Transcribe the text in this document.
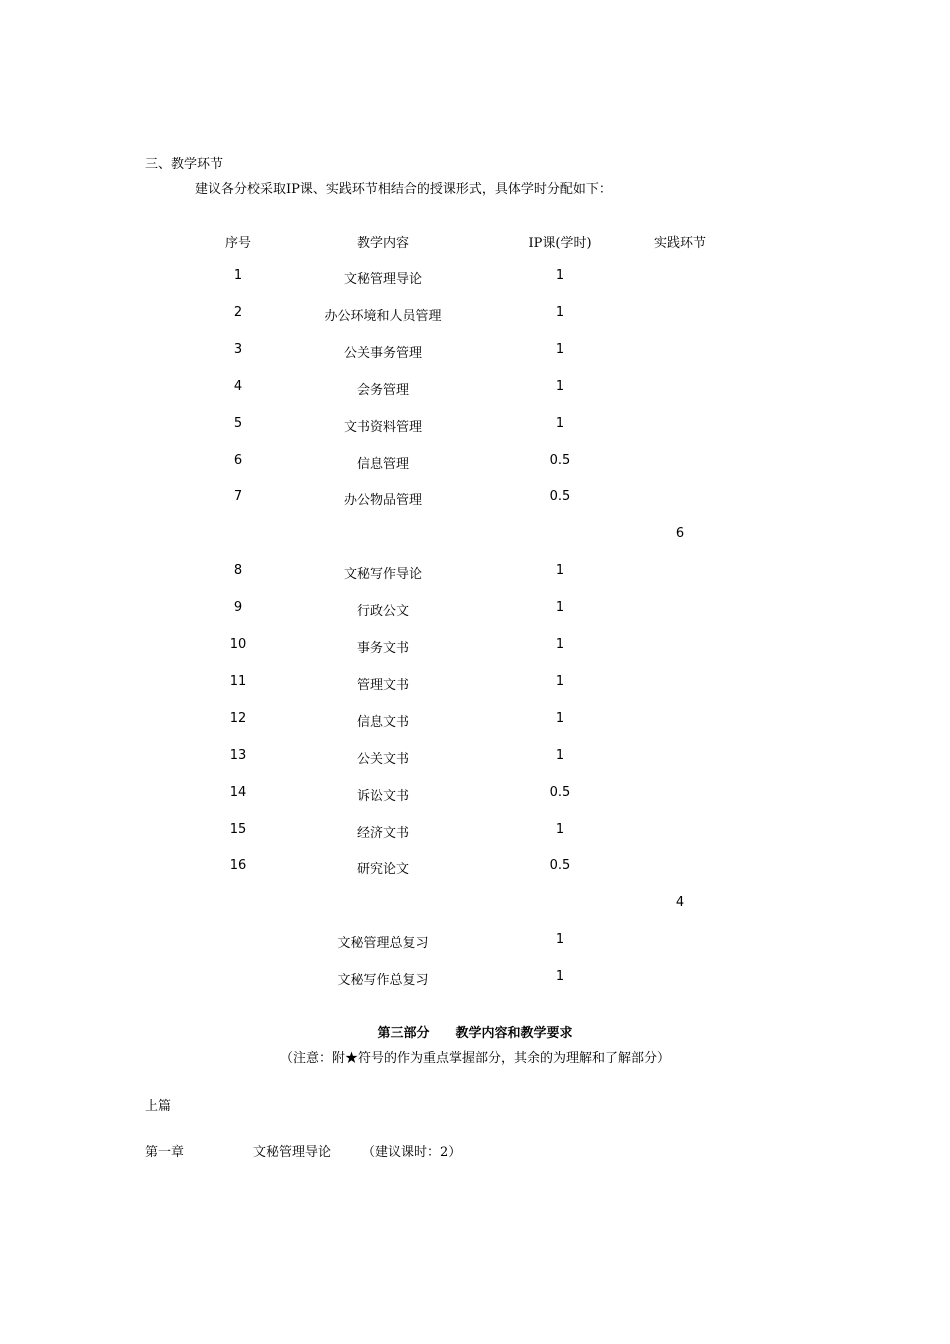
三、教学环节
建议各分校采取IP课、实践环节相结合的授课形式，具体学时分配如下：
序号	教学内容	IP课(学时)	实践环节
1	文秘管理导论	1
2	办公环境和人员管理	1
3	公关事务管理	1
4	会务管理	1
5	文书资料管理	1
6	信息管理	0.5
7	办公物品管理	0.5
6
8	文秘写作导论	1
9	行政公文	1
10	事务文书	1
11	管理文书	1
12	信息文书	1
13	公关文书	1
14	诉讼文书	0.5
15	经济文书	1
16	研究论文	0.5
4
文秘管理总复习	1
文秘写作总复习	1
第三部分 教学内容和教学要求
（注意：附★符号的作为重点掌握部分，其余的为理解和了解部分）
上篇
第一章	文秘管理导论 （建议课时：2）
